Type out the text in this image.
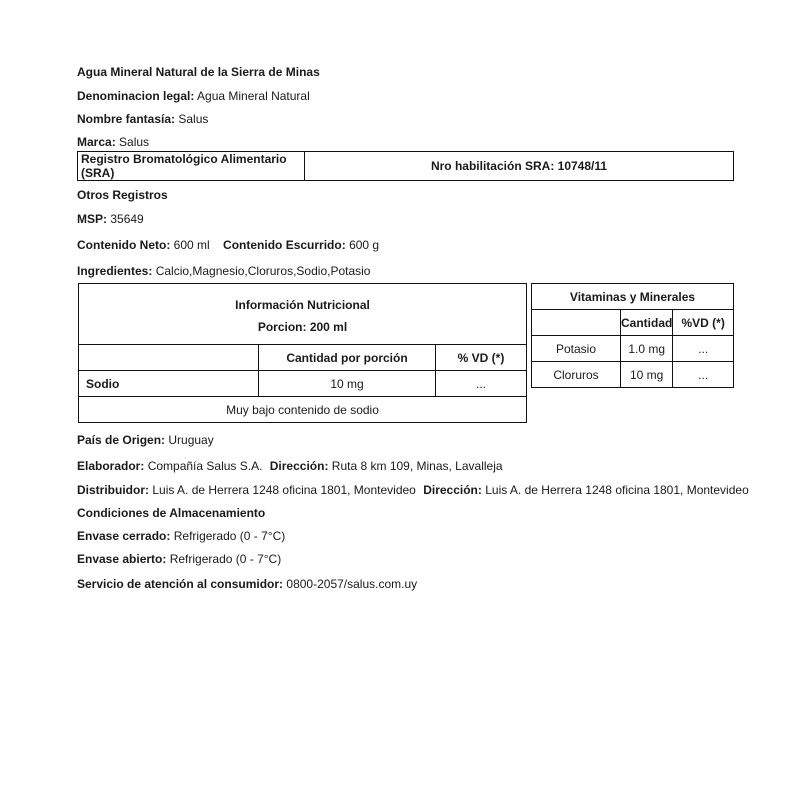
Agua Mineral Natural de la Sierra de Minas
Denominacion legal: Agua Mineral Natural
Nombre fantasía: Salus
Marca: Salus
Registro Bromatológico Alimentario (SRA)	Nro habilitación SRA: 10748/11
Otros Registros
MSP: 35649
Contenido Neto: 600 ml Contenido Escurrido: 600 g
Ingredientes: Calcio,Magnesio,Cloruros,Sodio,Potasio
Información Nutricional
Porcion: 200 ml		

	Cantidad por porción	% VD (*)
Sodio	10 mg	...
Muy bajo contenido de sodio		
Vitaminas y Minerales		
	Cantidad	%VD (*)
Potasio	1.0 mg	...
Cloruros	10 mg	...
País de Origen: Uruguay
Elaborador: Compañía Salus S.A. Dirección: Ruta 8 km 109, Minas, Lavalleja
Distribuidor: Luis A. de Herrera 1248 oficina 1801, Montevideo Dirección: Luis A. de Herrera 1248 oficina 1801, Montevideo
Condiciones de Almacenamiento
Envase cerrado: Refrigerado (0 - 7°C)
Envase abierto: Refrigerado (0 - 7°C)
Servicio de atención al consumidor: 0800-2057/salus.com.uy
